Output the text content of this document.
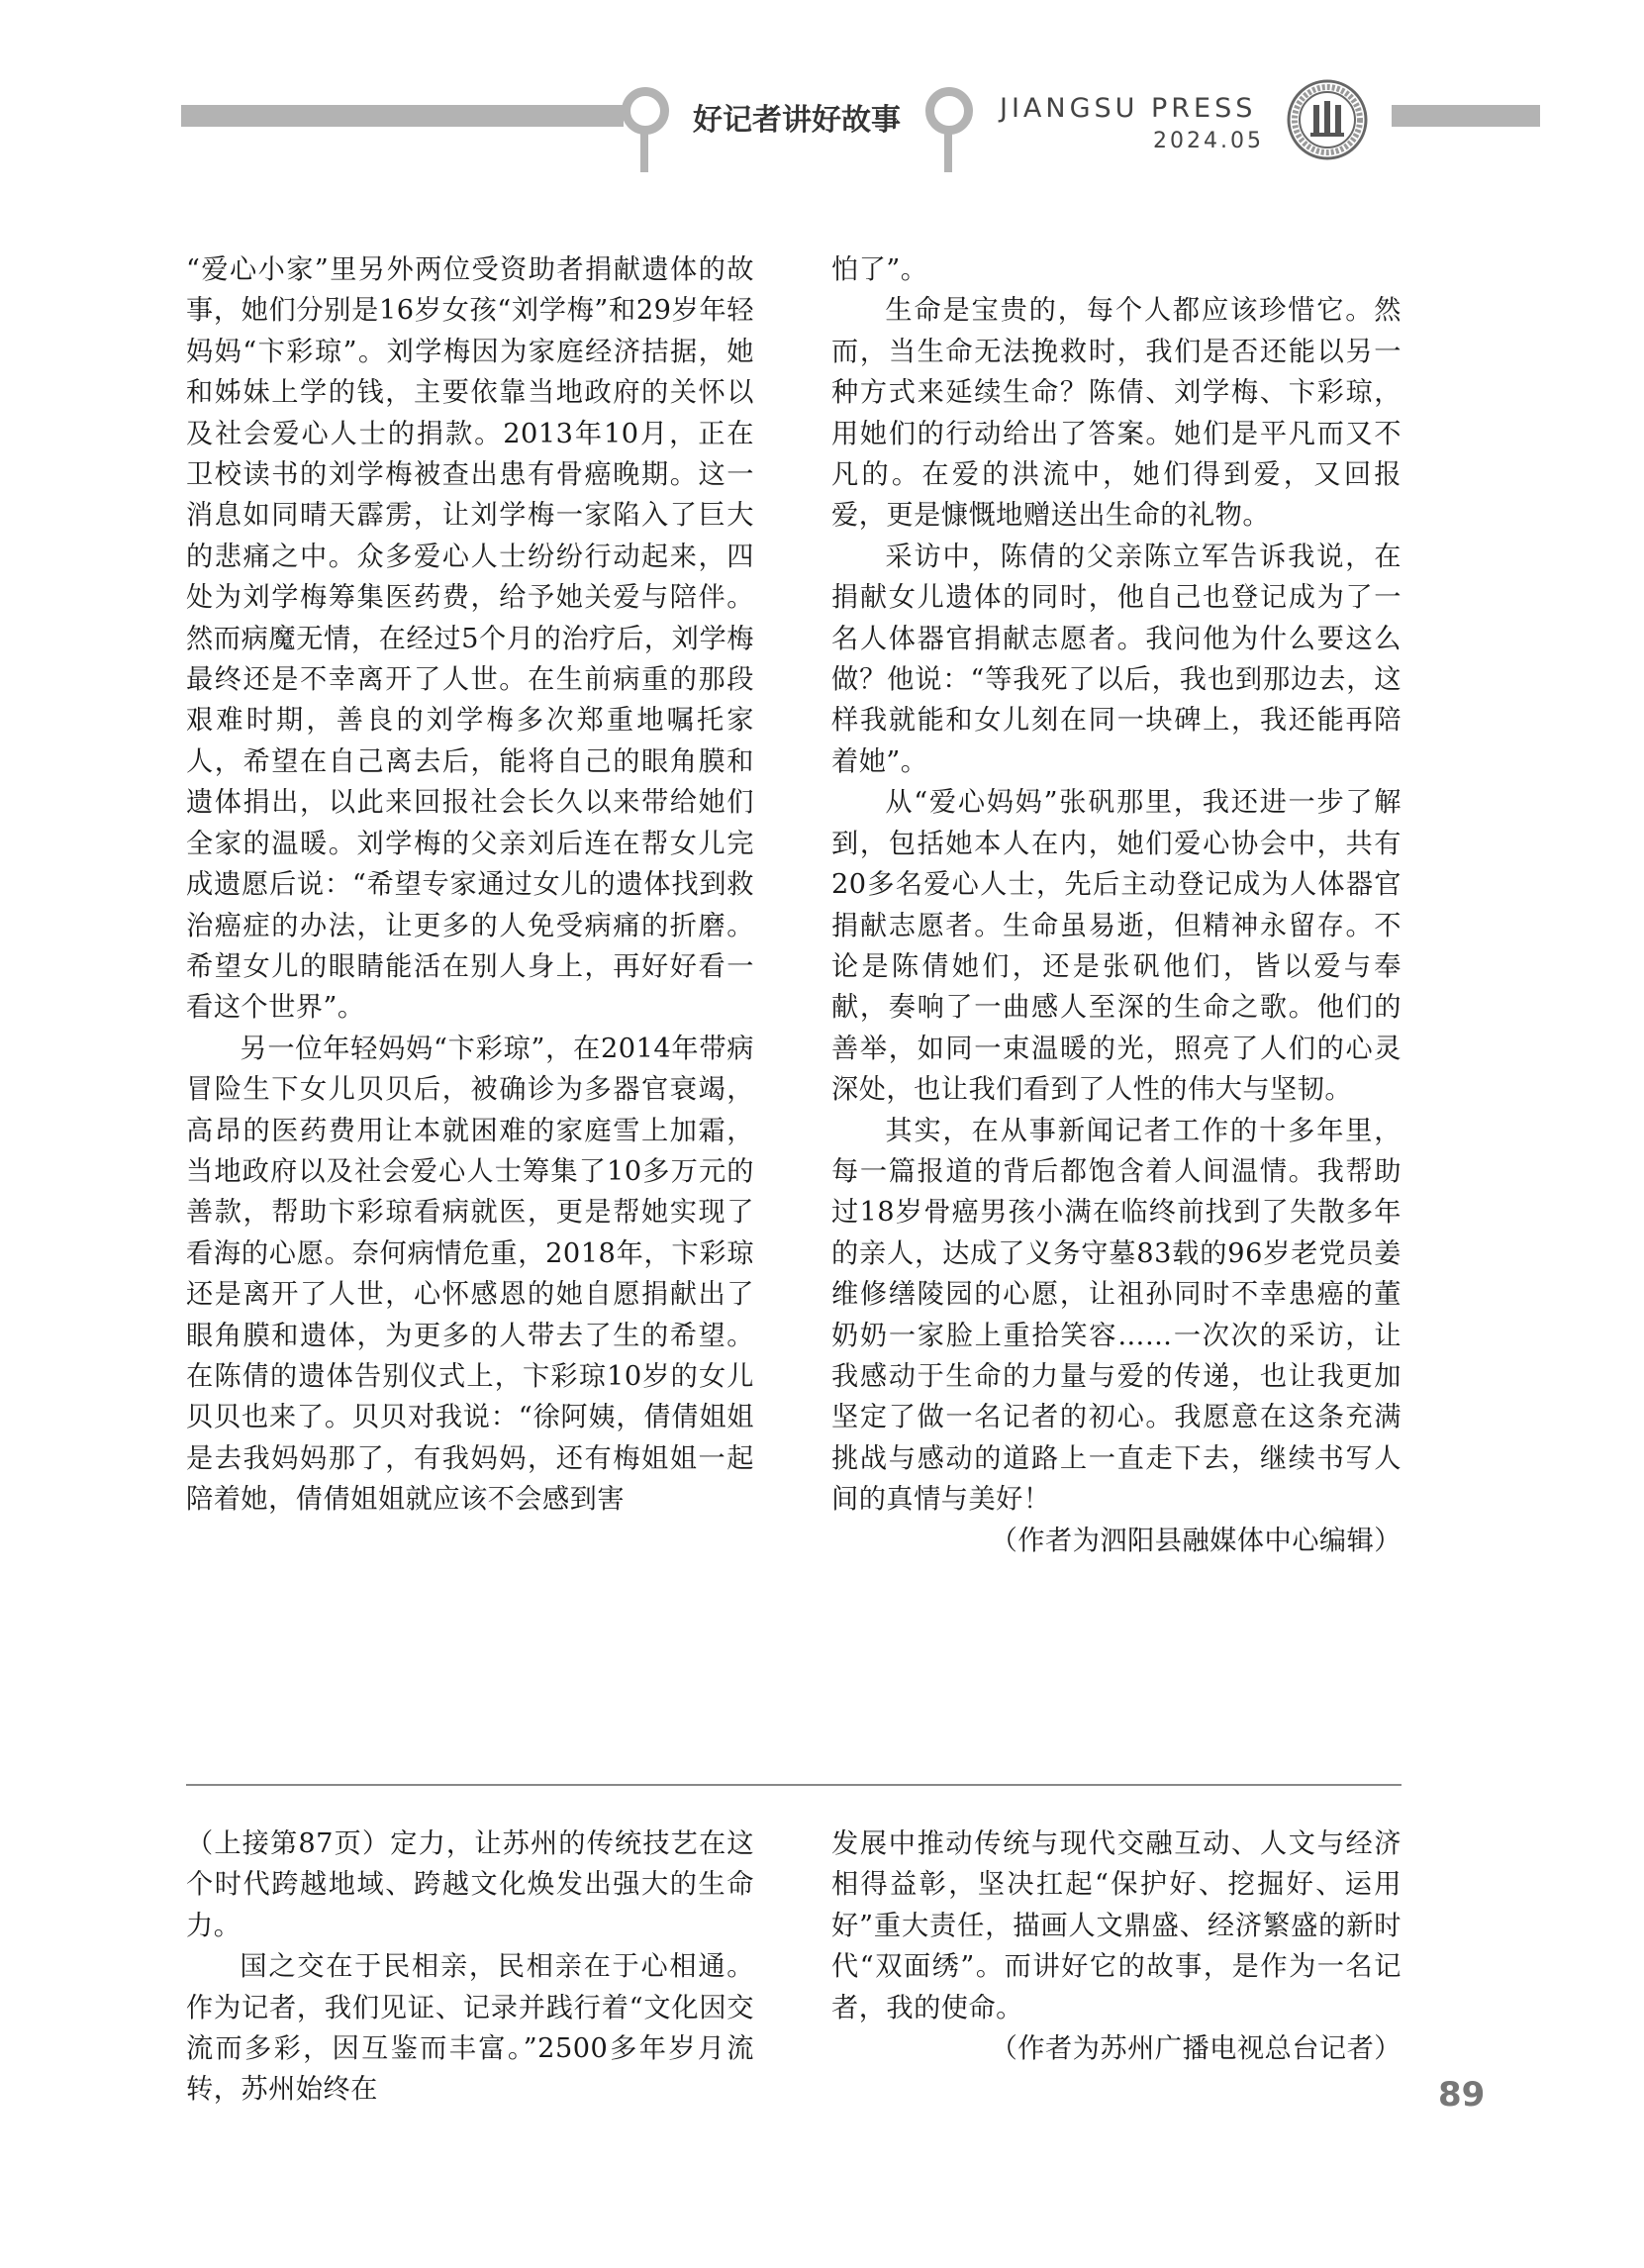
好记者讲好故事	JIANGSU PRESS
2024.05

“爱心小家”里另外两位受资助者捐献遗体的故事，她们分别是16岁女孩“刘学梅”和29岁年轻妈妈“卞彩琼”。刘学梅因为家庭经济拮据，她和姊妹上学的钱，主要依靠当地政府的关怀以及社会爱心人士的捐款。2013年10月，正在卫校读书的刘学梅被查出患有骨癌晚期。这一消息如同晴天霹雳，让刘学梅一家陷入了巨大的悲痛之中。众多爱心人士纷纷行动起来，四处为刘学梅筹集医药费，给予她关爱与陪伴。然而病魔无情，在经过5个月的治疗后，刘学梅最终还是不幸离开了人世。在生前病重的那段艰难时期，善良的刘学梅多次郑重地嘱托家人，希望在自己离去后，能将自己的眼角膜和遗体捐出，以此来回报社会长久以来带给她们全家的温暖。刘学梅的父亲刘后连在帮女儿完成遗愿后说：“希望专家通过女儿的遗体找到救治癌症的办法，让更多的人免受病痛的折磨。希望女儿的眼睛能活在别人身上，再好好看一看这个世界”。

另一位年轻妈妈“卞彩琼”，在2014年带病冒险生下女儿贝贝后，被确诊为多器官衰竭，高昂的医药费用让本就困难的家庭雪上加霜，当地政府以及社会爱心人士筹集了10多万元的善款，帮助卞彩琼看病就医，更是帮她实现了看海的心愿。奈何病情危重，2018年，卞彩琼还是离开了人世，心怀感恩的她自愿捐献出了眼角膜和遗体，为更多的人带去了生的希望。在陈倩的遗体告别仪式上，卞彩琼10岁的女儿贝贝也来了。贝贝对我说：“徐阿姨，倩倩姐姐是去我妈妈那了，有我妈妈，还有梅姐姐一起陪着她，倩倩姐姐就应该不会感到害

怕了”。

生命是宝贵的，每个人都应该珍惜它。然而，当生命无法挽救时，我们是否还能以另一种方式来延续生命？陈倩、刘学梅、卞彩琼，用她们的行动给出了答案。她们是平凡而又不凡的。在爱的洪流中，她们得到爱，又回报爱，更是慷慨地赠送出生命的礼物。

采访中，陈倩的父亲陈立军告诉我说，在捐献女儿遗体的同时，他自己也登记成为了一名人体器官捐献志愿者。我问他为什么要这么做？他说：“等我死了以后，我也到那边去，这样我就能和女儿刻在同一块碑上，我还能再陪着她”。

从“爱心妈妈”张矾那里，我还进一步了解到，包括她本人在内，她们爱心协会中，共有20多名爱心人士，先后主动登记成为人体器官捐献志愿者。生命虽易逝，但精神永留存。不论是陈倩她们，还是张矾他们，皆以爱与奉献，奏响了一曲感人至深的生命之歌。他们的善举，如同一束温暖的光，照亮了人们的心灵深处，也让我们看到了人性的伟大与坚韧。

其实，在从事新闻记者工作的十多年里，每一篇报道的背后都饱含着人间温情。我帮助过18岁骨癌男孩小满在临终前找到了失散多年的亲人，达成了义务守墓83载的96岁老党员姜维修缮陵园的心愿，让祖孙同时不幸患癌的董奶奶一家脸上重拾笑容……一次次的采访，让我感动于生命的力量与爱的传递，也让我更加坚定了做一名记者的初心。我愿意在这条充满挑战与感动的道路上一直走下去，继续书写人间的真情与美好！

（作者为泗阳县融媒体中心编辑）

（上接第87页）定力，让苏州的传统技艺在这个时代跨越地域、跨越文化焕发出强大的生命力。

国之交在于民相亲，民相亲在于心相通。作为记者，我们见证、记录并践行着“文化因交流而多彩，因互鉴而丰富。”2500多年岁月流转，苏州始终在

发展中推动传统与现代交融互动、人文与经济相得益彰，坚决扛起“保护好、挖掘好、运用好”重大责任，描画人文鼎盛、经济繁盛的新时代“双面绣”。而讲好它的故事，是作为一名记者，我的使命。

（作者为苏州广播电视总台记者）

89
